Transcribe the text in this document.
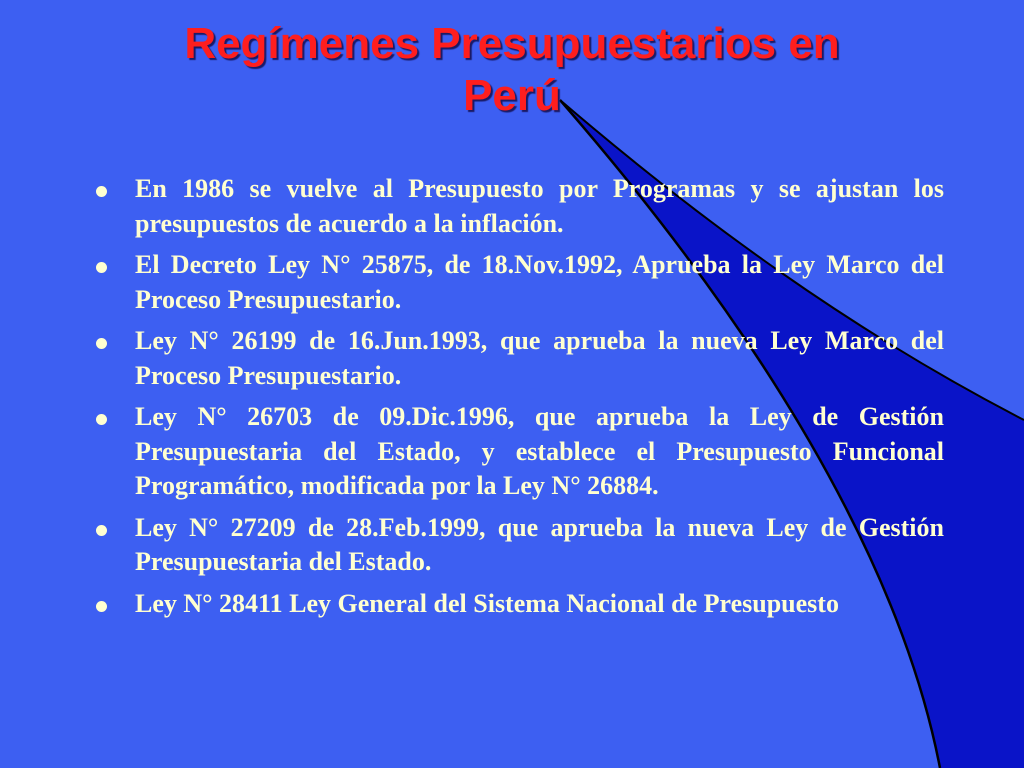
Regímenes Presupuestarios en
Perú
En 1986 se vuelve al Presupuesto por Programas y se ajustan los presupuestos de acuerdo a la inflación.
El Decreto Ley N° 25875, de 18.Nov.1992, Aprueba la Ley Marco del Proceso Presupuestario.
Ley N° 26199 de 16.Jun.1993, que aprueba la nueva Ley Marco del Proceso Presupuestario.
Ley N° 26703 de 09.Dic.1996, que aprueba la Ley de Gestión Presupuestaria del Estado, y establece el Presupuesto Funcional Programático, modificada por la Ley N° 26884.
Ley N° 27209 de 28.Feb.1999, que aprueba la nueva Ley de Gestión Presupuestaria del Estado.
Ley N° 28411 Ley General del Sistema Nacional de Presupuesto
